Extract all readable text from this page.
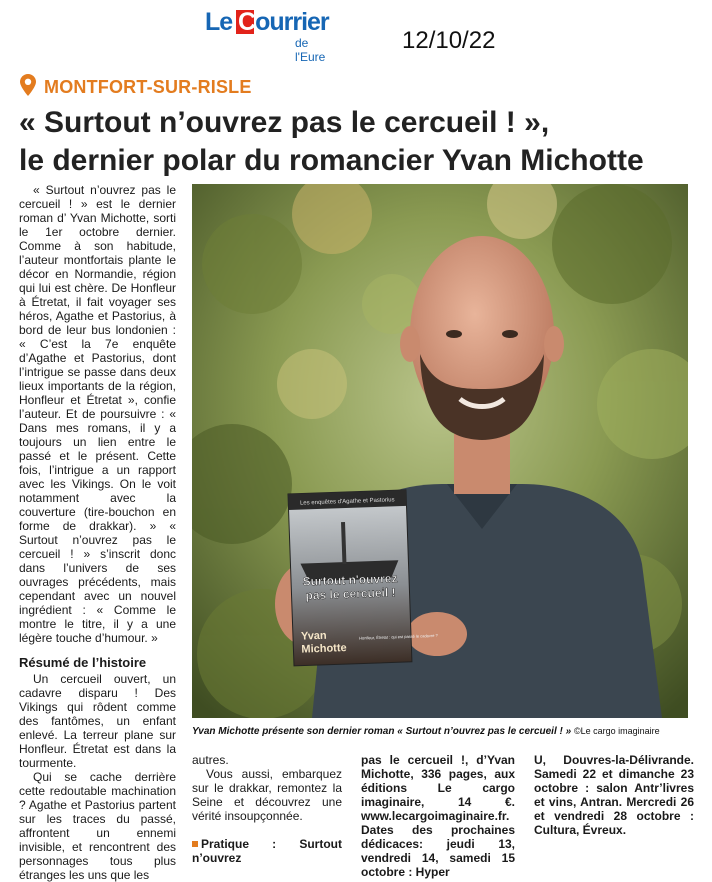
Le Courrier
de l'Eure
12/10/22
MONTFORT-SUR-RISLE
« Surtout n’ouvrez pas le cercueil ! »,
le dernier polar du romancier Yvan Michotte

« Surtout n’ouvrez pas le cercueil ! » est le dernier roman d’ Yvan Michotte, sorti le 1er octobre dernier. Comme à son habitude, l’auteur montfortais plante le décor en Normandie, région qui lui est chère. De Honfleur à Étretat, il fait voyager ses héros, Agathe et Pastorius, à bord de leur bus londonien : « C’est la 7e enquête d’Agathe et Pastorius, dont l’intrigue se passe dans deux lieux importants de la région, Honfleur et Étretat », confie l’auteur. Et de poursuivre : « Dans mes romans, il y a toujours un lien entre le passé et le présent. Cette fois, l’intrigue a un rapport avec les Vikings. On le voit notamment avec la couverture (tire-bouchon en forme de drakkar). » « Surtout n’ouvrez pas le cercueil ! » s’inscrit donc dans l’univers de ses ouvrages précédents, mais cependant avec un nouvel ingrédient : « Comme le montre le titre, il y a une légère touche d’humour. »

Résumé de l’histoire

Un cercueil ouvert, un cadavre disparu ! Des Vikings qui rôdent comme des fantômes, un enfant enlevé. La terreur plane sur Honfleur. Étretat est dans la tourmente.

Qui se cache derrière cette redoutable machination ? Agathe et Pastorius partent sur les traces du passé, affrontent un ennemi invisible, et rencontrent des personnages tous plus étranges les uns que les

Les enquêtes d'Agathe et Pastorius
Surtout n'ouvrez
pas le cercueil !
Yvan
Michotte
Honfleur, Étretat : qui est passé le cadavre ?
Yvan Michotte présente son dernier roman « Surtout n’ouvrez pas le cercueil ! » ©Le cargo imaginaire

autres.

Vous aussi, embarquez sur le drakkar, remontez la Seine et découvrez une vérité insoupçonnée.

Pratique : Surtout n’ouvrez

pas le cercueil !, d’Yvan Michotte, 336 pages, aux éditions Le cargo imaginaire, 14 €. www.lecargoimaginaire.fr. Dates des prochaines dédicaces: jeudi 13, vendredi 14, samedi 15 octobre : Hyper

U, Douvres-la-Délivrande. Samedi 22 et dimanche 23 octobre : salon Antr’livres et vins, Antran. Mercredi 26 et vendredi 28 octobre : Cultura, Évreux.
